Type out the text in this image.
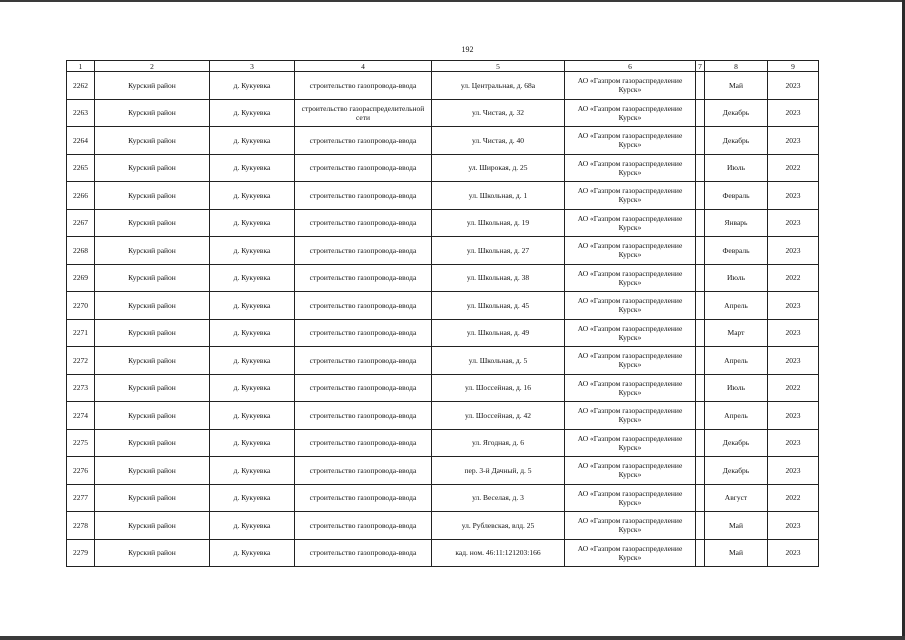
192
1	2	3	4	5	6	7	8	9
2262	Курский район	д. Кукуевка	строительство газопровода-ввода	ул. Центральная, д. 68а	АО «Газпром газораспределение Курск»		Май	2023
2263	Курский район	д. Кукуевка	строительство газораспределительной сети	ул. Чистая, д. 32	АО «Газпром газораспределение Курск»		Декабрь	2023
2264	Курский район	д. Кукуевка	строительство газопровода-ввода	ул. Чистая, д. 40	АО «Газпром газораспределение Курск»		Декабрь	2023
2265	Курский район	д. Кукуевка	строительство газопровода-ввода	ул. Широкая, д. 25	АО «Газпром газораспределение Курск»		Июль	2022
2266	Курский район	д. Кукуевка	строительство газопровода-ввода	ул. Школьная, д. 1	АО «Газпром газораспределение Курск»		Февраль	2023
2267	Курский район	д. Кукуевка	строительство газопровода-ввода	ул. Школьная, д. 19	АО «Газпром газораспределение Курск»		Январь	2023
2268	Курский район	д. Кукуевка	строительство газопровода-ввода	ул. Школьная, д. 27	АО «Газпром газораспределение Курск»		Февраль	2023
2269	Курский район	д. Кукуевка	строительство газопровода-ввода	ул. Школьная, д. 38	АО «Газпром газораспределение Курск»		Июль	2022
2270	Курский район	д. Кукуевка	строительство газопровода-ввода	ул. Школьная, д. 45	АО «Газпром газораспределение Курск»		Апрель	2023
2271	Курский район	д. Кукуевка	строительство газопровода-ввода	ул. Школьная, д. 49	АО «Газпром газораспределение Курск»		Март	2023
2272	Курский район	д. Кукуевка	строительство газопровода-ввода	ул. Школьная, д. 5	АО «Газпром газораспределение Курск»		Апрель	2023
2273	Курский район	д. Кукуевка	строительство газопровода-ввода	ул. Шоссейная, д. 16	АО «Газпром газораспределение Курск»		Июль	2022
2274	Курский район	д. Кукуевка	строительство газопровода-ввода	ул. Шоссейная, д. 42	АО «Газпром газораспределение Курск»		Апрель	2023
2275	Курский район	д. Кукуевка	строительство газопровода-ввода	ул. Ягодная, д. 6	АО «Газпром газораспределение Курск»		Декабрь	2023
2276	Курский район	д. Кукуевка	строительство газопровода-ввода	пер. 3-й Дачный, д. 5	АО «Газпром газораспределение Курск»		Декабрь	2023
2277	Курский район	д. Кукуевка	строительство газопровода-ввода	ул. Веселая, д. 3	АО «Газпром газораспределение Курск»		Август	2022
2278	Курский район	д. Кукуевка	строительство газопровода-ввода	ул. Рублевская, влд. 25	АО «Газпром газораспределение Курск»		Май	2023
2279	Курский район	д. Кукуевка	строительство газопровода-ввода	кад. ном. 46:11:121203:166	АО «Газпром газораспределение Курск»		Май	2023
